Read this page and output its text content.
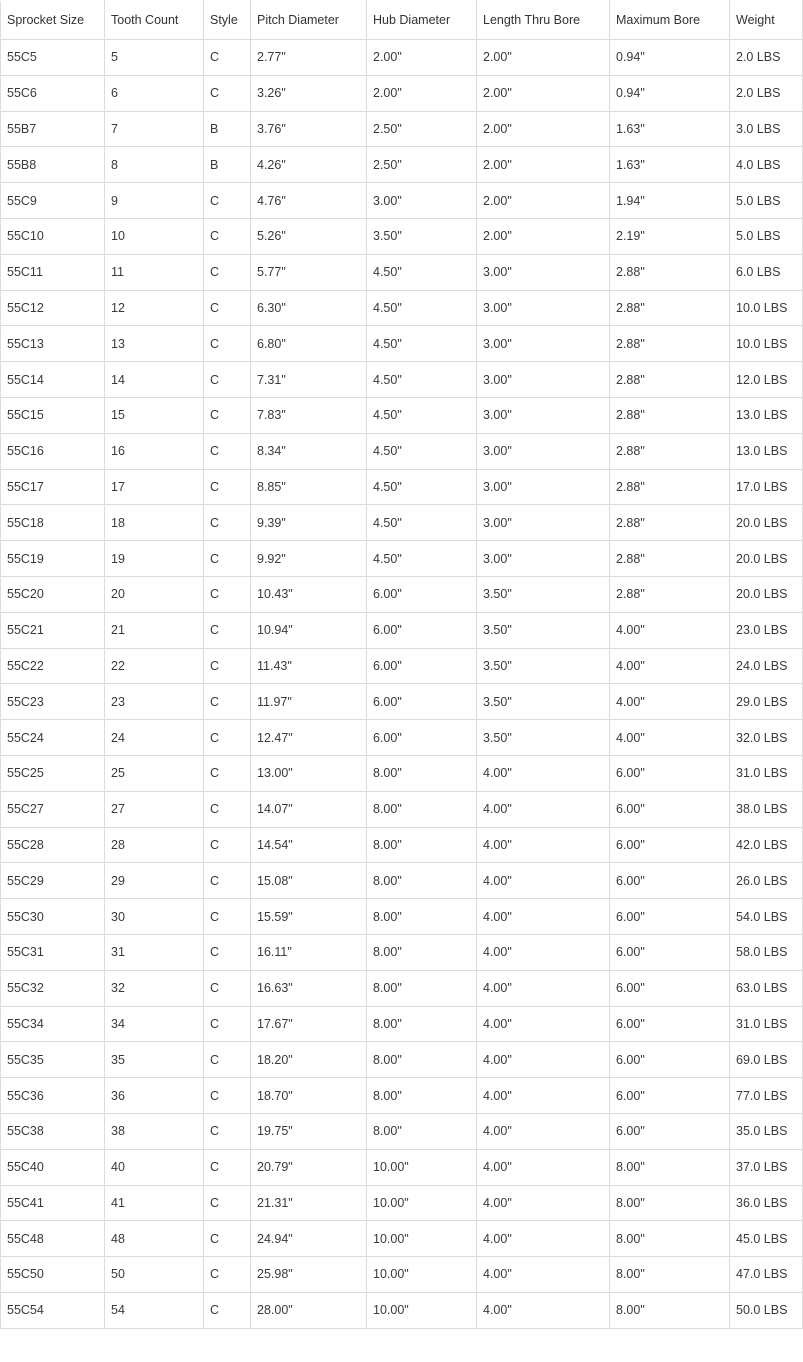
Sprocket Size	Tooth Count	Style	Pitch Diameter	Hub Diameter	Length Thru Bore	Maximum Bore	Weight
55C5	5	C	2.77"	2.00"	2.00"	0.94"	2.0 LBS
55C6	6	C	3.26"	2.00"	2.00"	0.94"	2.0 LBS
55B7	7	B	3.76"	2.50"	2.00"	1.63"	3.0 LBS
55B8	8	B	4.26"	2.50"	2.00"	1.63"	4.0 LBS
55C9	9	C	4.76"	3.00"	2.00"	1.94"	5.0 LBS
55C10	10	C	5.26"	3.50"	2.00"	2.19"	5.0 LBS
55C11	11	C	5.77"	4.50"	3.00"	2.88"	6.0 LBS
55C12	12	C	6.30"	4.50"	3.00"	2.88"	10.0 LBS
55C13	13	C	6.80"	4.50"	3.00"	2.88"	10.0 LBS
55C14	14	C	7.31"	4.50"	3.00"	2.88"	12.0 LBS
55C15	15	C	7.83"	4.50"	3.00"	2.88"	13.0 LBS
55C16	16	C	8.34"	4.50"	3.00"	2.88"	13.0 LBS
55C17	17	C	8.85"	4.50"	3.00"	2.88"	17.0 LBS
55C18	18	C	9.39"	4.50"	3.00"	2.88"	20.0 LBS
55C19	19	C	9.92"	4.50"	3.00"	2.88"	20.0 LBS
55C20	20	C	10.43"	6.00"	3.50"	2.88"	20.0 LBS
55C21	21	C	10.94"	6.00"	3.50"	4.00"	23.0 LBS
55C22	22	C	11.43"	6.00"	3.50"	4.00"	24.0 LBS
55C23	23	C	11.97"	6.00"	3.50"	4.00"	29.0 LBS
55C24	24	C	12.47"	6.00"	3.50"	4.00"	32.0 LBS
55C25	25	C	13.00"	8.00"	4.00"	6.00"	31.0 LBS
55C27	27	C	14.07"	8.00"	4.00"	6.00"	38.0 LBS
55C28	28	C	14.54"	8.00"	4.00"	6.00"	42.0 LBS
55C29	29	C	15.08"	8.00"	4.00"	6.00"	26.0 LBS
55C30	30	C	15.59"	8.00"	4.00"	6.00"	54.0 LBS
55C31	31	C	16.11"	8.00"	4.00"	6.00"	58.0 LBS
55C32	32	C	16.63"	8.00"	4.00"	6.00"	63.0 LBS
55C34	34	C	17.67"	8.00"	4.00"	6.00"	31.0 LBS
55C35	35	C	18.20"	8.00"	4.00"	6.00"	69.0 LBS
55C36	36	C	18.70"	8.00"	4.00"	6.00"	77.0 LBS
55C38	38	C	19.75"	8.00"	4.00"	6.00"	35.0 LBS
55C40	40	C	20.79"	10.00"	4.00"	8.00"	37.0 LBS
55C41	41	C	21.31"	10.00"	4.00"	8.00"	36.0 LBS
55C48	48	C	24.94"	10.00"	4.00"	8.00"	45.0 LBS
55C50	50	C	25.98"	10.00"	4.00"	8.00"	47.0 LBS
55C54	54	C	28.00"	10.00"	4.00"	8.00"	50.0 LBS
